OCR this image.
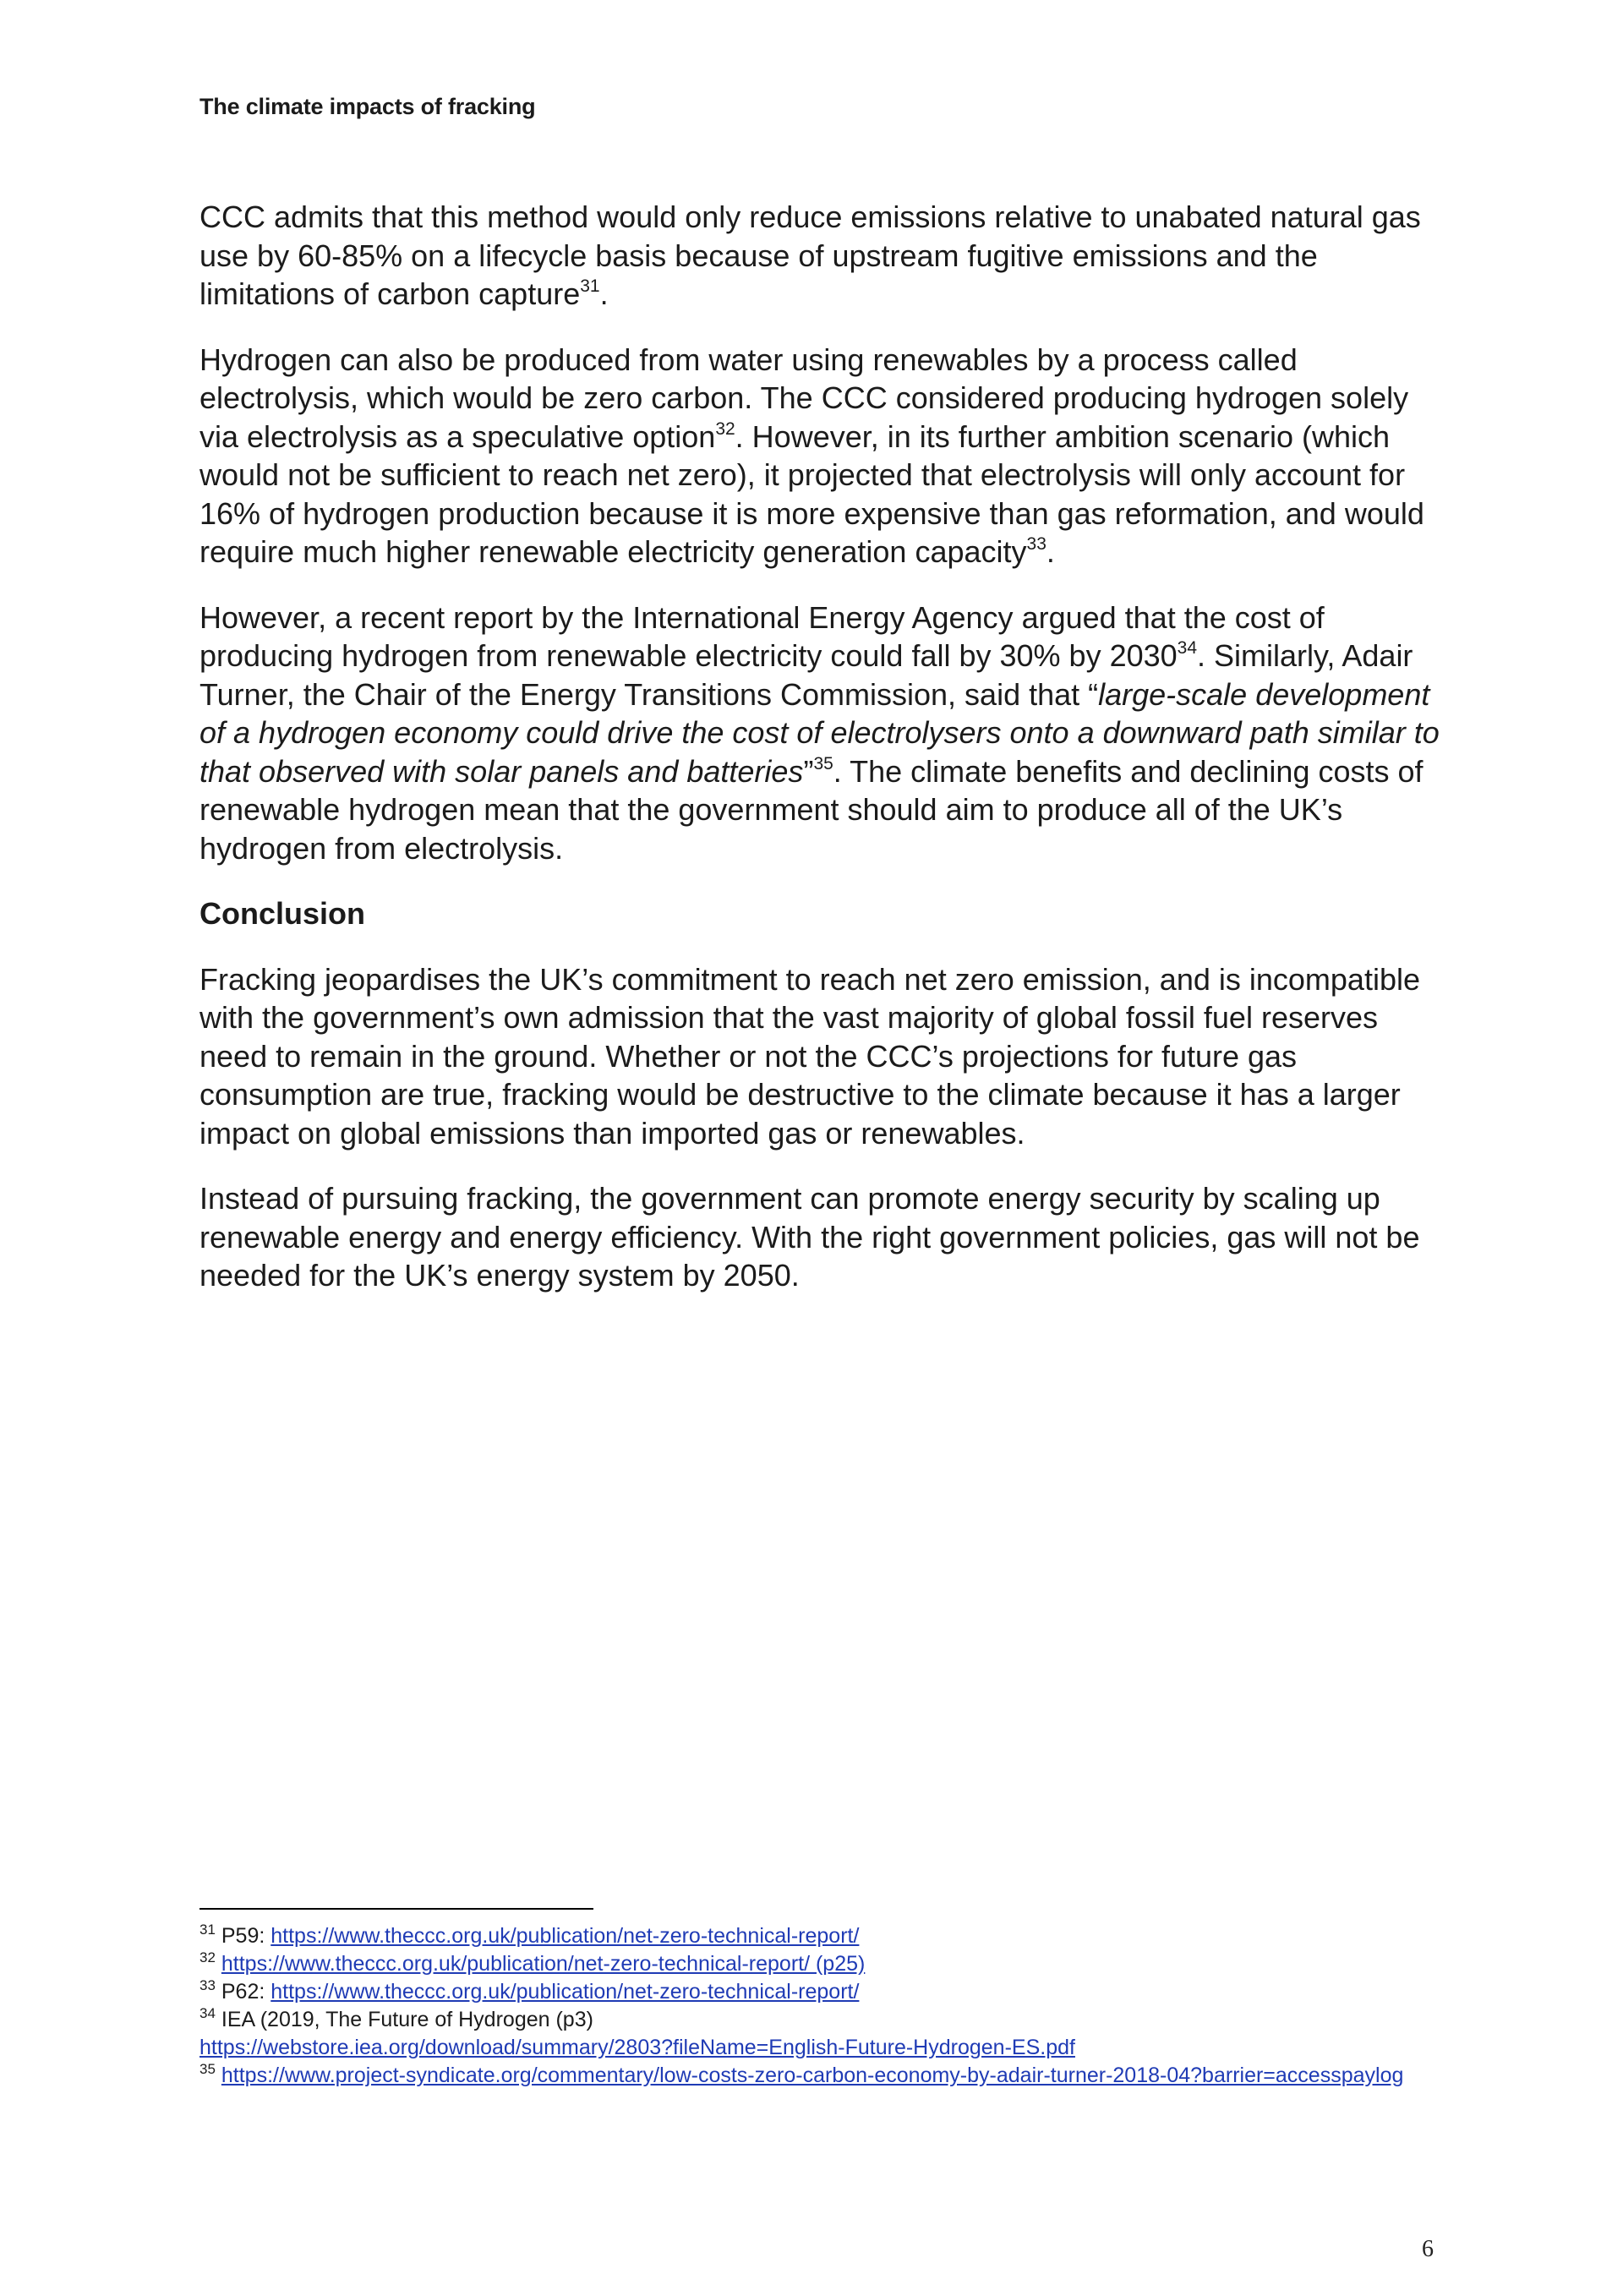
The climate impacts of fracking

CCC admits that this method would only reduce emissions relative to unabated natural gas use by 60-85% on a lifecycle basis because of upstream fugitive emissions and the limitations of carbon capture$^{31}$.

Hydrogen can also be produced from water using renewables by a process called electrolysis, which would be zero carbon. The CCC considered producing hydrogen solely via electrolysis as a speculative option$^{32}$. However, in its further ambition scenario (which would not be sufficient to reach net zero), it projected that electrolysis will only account for 16% of hydrogen production because it is more expensive than gas reformation, and would require much higher renewable electricity generation capacity$^{33}$.

However, a recent report by the International Energy Agency argued that the cost of producing hydrogen from renewable electricity could fall by 30% by 2030$^{34}$. Similarly, Adair Turner, the Chair of the Energy Transitions Commission, said that “large-scale development of a hydrogen economy could drive the cost of electrolysers onto a downward path similar to that observed with solar panels and batteries”$^{35}$. The climate benefits and declining costs of renewable hydrogen mean that the government should aim to produce all of the UK’s hydrogen from electrolysis.

Conclusion

Fracking jeopardises the UK’s commitment to reach net zero emission, and is incompatible with the government’s own admission that the vast majority of global fossil fuel reserves need to remain in the ground. Whether or not the CCC’s projections for future gas consumption are true, fracking would be destructive to the climate because it has a larger impact on global emissions than imported gas or renewables.

Instead of pursuing fracking, the government can promote energy security by scaling up renewable energy and energy efficiency. With the right government policies, gas will not be needed for the UK’s energy system by 2050.

$^{31}$ P59: https://www.theccc.org.uk/publication/net-zero-technical-report/
$^{32}$ https://www.theccc.org.uk/publication/net-zero-technical-report/ (p25)
$^{33}$ P62: https://www.theccc.org.uk/publication/net-zero-technical-report/
$^{34}$ IEA (2019, The Future of Hydrogen (p3)
https://webstore.iea.org/download/summary/2803?fileName=English-Future-Hydrogen-ES.pdf
$^{35}$ https://www.project-syndicate.org/commentary/low-costs-zero-carbon-economy-by-adair-turner-2018-04?barrier=accesspaylog
6
